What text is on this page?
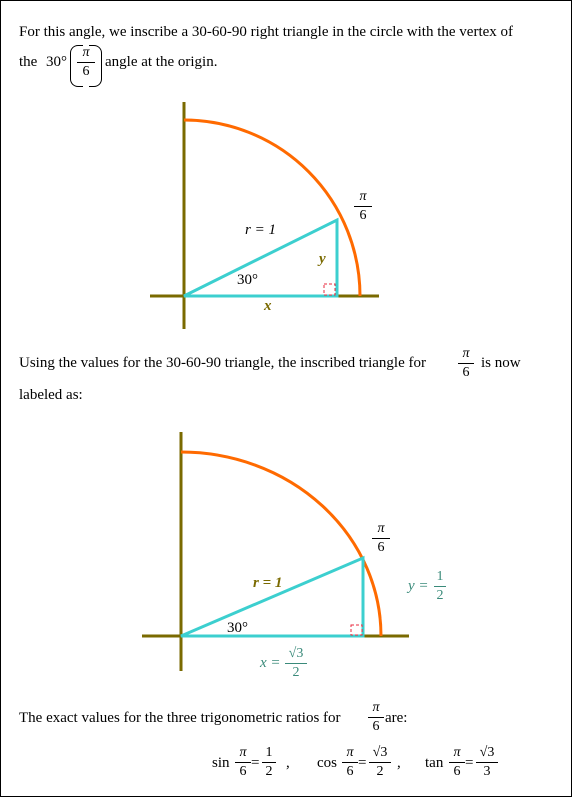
For this angle, we inscribe a 30-60-90 right triangle in the circle with the vertex of
the 30°
π
6
angle at the origin.
r = 1
y
x
30°
π
6
Using the values for the 30-60-90 triangle, the inscribed triangle for
π
6
is now
labeled as:
r = 1
30°
π
6
y =
1
2
x =
√3
2
The exact values for the three trigonometric ratios for
π
6
are:
sin
π
6
=
1
2
, cos
π
6
=
√3
2
, tan
π
6
=
√3
3
